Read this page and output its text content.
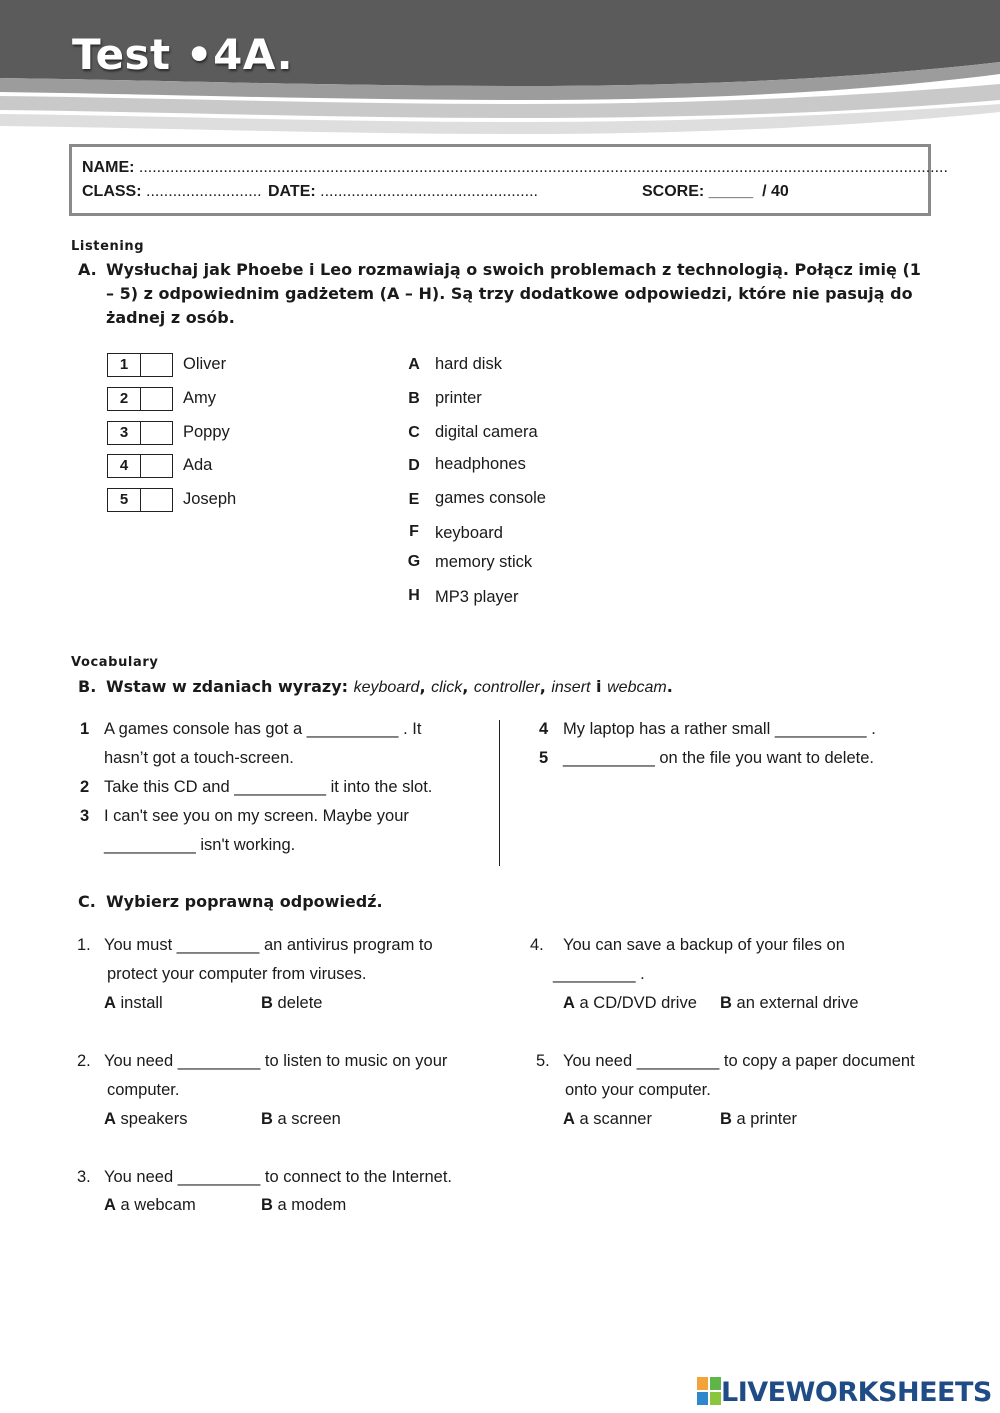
Test •4A.
NAME: ......................................................................................................................................................................................
CLASS: .......................... DATE: .................................................	SCORE: _____ / 40
Listening
A. Wysłuchaj jak Phoebe i Leo rozmawiają o swoich problemach z technologią. Połącz imię (1 – 5) z odpowiednim gadżetem (A – H). Są trzy dodatkowe odpowiedzi, które nie pasują do żadnej z osób.
1	Oliver
2	Amy
3	Poppy
4	Ada
5	Joseph
A hard disk
B printer
C digital camera
D headphones
E games console
F keyboard
G memory stick
H MP3 player
Vocabulary
B. Wstaw w zdaniach wyrazy: keyboard, click, controller, insert i webcam.
1 A games console has got a __________ . It
hasn’t got a touch-screen.
2 Take this CD and __________ it into the slot.
3 I can't see you on my screen. Maybe your
__________ isn't working.
4 My laptop has a rather small __________ .
5 __________ on the file you want to delete.
C. Wybierz poprawną odpowiedź.
1. You must _________ an antivirus program to
protect your computer from viruses.
A install	B delete
2. You need _________ to listen to music on your
computer.
A speakers	B a screen
3. You need _________ to connect to the Internet.
A a webcam	B a modem
4. You can save a backup of your files on
_________ .
A a CD/DVD drive B an external drive
5. You need _________ to copy a paper document
onto your computer.
A a scanner	B a printer
LIVEWORKSHEETS
